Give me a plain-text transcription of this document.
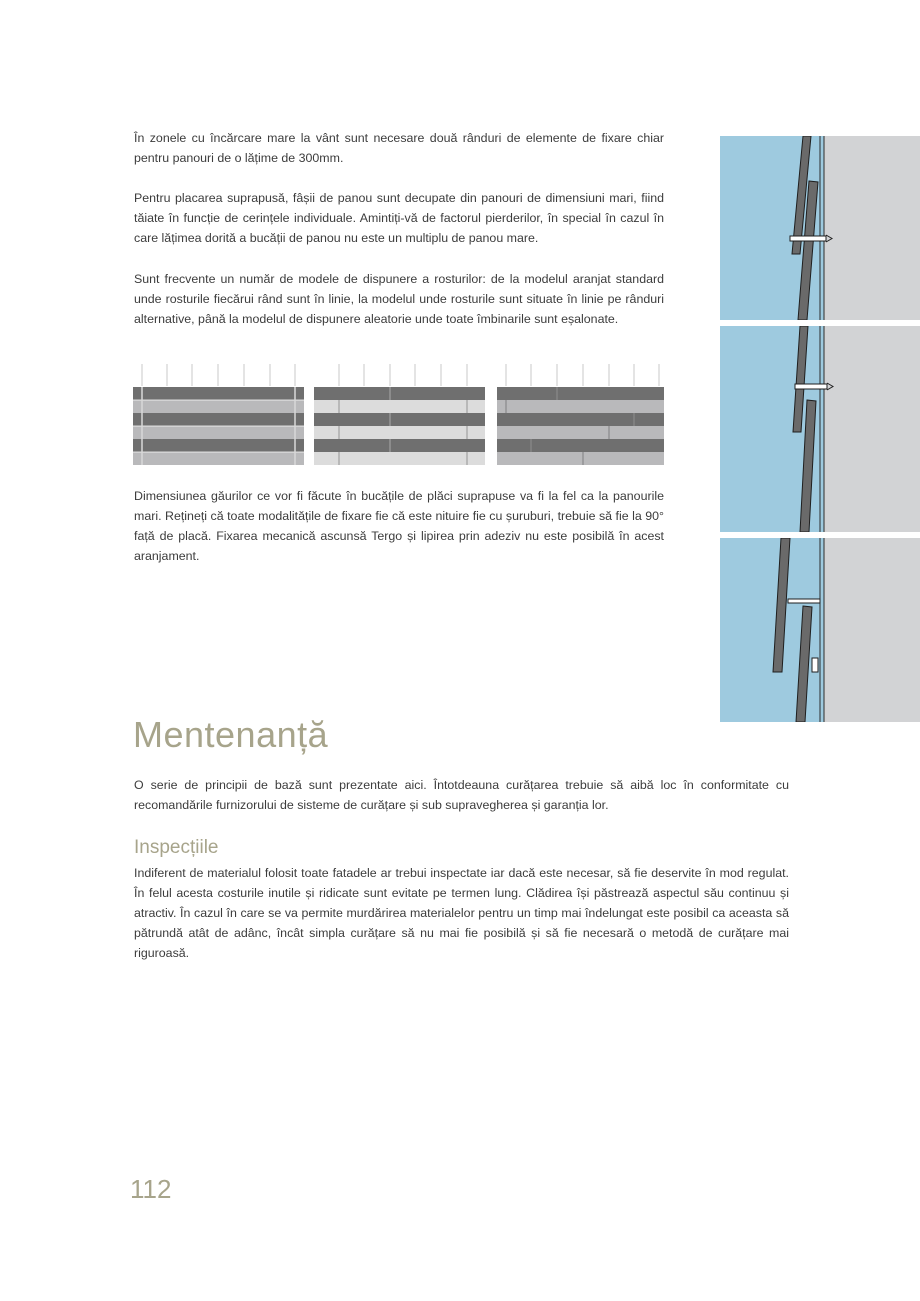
În zonele cu încărcare mare la vânt sunt necesare două rânduri de elemente de fixare chiar pentru panouri de o lățime de 300mm.

Pentru placarea suprapusă, fâșii de panou sunt decupate din panouri de dimensiuni mari, fiind tăiate în funcție de cerințele individuale. Amintiți-vă de factorul pierderilor, în special în cazul în care lățimea dorită a bucății de panou nu este un multiplu de panou mare.

Sunt frecvente un număr de modele de dispunere a rosturilor: de la modelul aranjat standard unde rosturile fiecărui rând sunt în linie, la modelul unde rosturile sunt situate în linie pe rânduri alternative, până la modelul de dispunere aleatorie unde toate îmbinarile sunt eșalonate.

Dimensiunea găurilor ce vor fi făcute în bucățile de plăci suprapuse va fi la fel ca la panourile mari. Rețineți că toate modalitățile de fixare fie că este nituire fie cu șuruburi, trebuie să fie la 90° față de placă. Fixarea mecanică ascunsă Tergo și lipirea prin adeziv nu este posibilă în acest aranjament.

Mentenanță

O serie de principii de bază sunt prezentate aici. Întotdeauna curățarea trebuie să aibă loc în conformitate cu recomandările furnizorului de sisteme de curățare și sub supravegherea și garanția lor.

Inspecțiile

Indiferent de materialul folosit toate fatadele ar trebui inspectate iar dacă este necesar, să fie deservite în mod regulat. În felul acesta costurile inutile și ridicate sunt evitate pe termen lung. Clădirea își păstrează aspectul său continuu și atractiv. În cazul în care se va permite murdărirea materialelor pentru un timp mai îndelungat este posibil ca aceasta să pătrundă atât de adânc, încât simpla curățare să nu mai fie posibilă și să fie necesară o metodă de curățare mai riguroasă.

112
